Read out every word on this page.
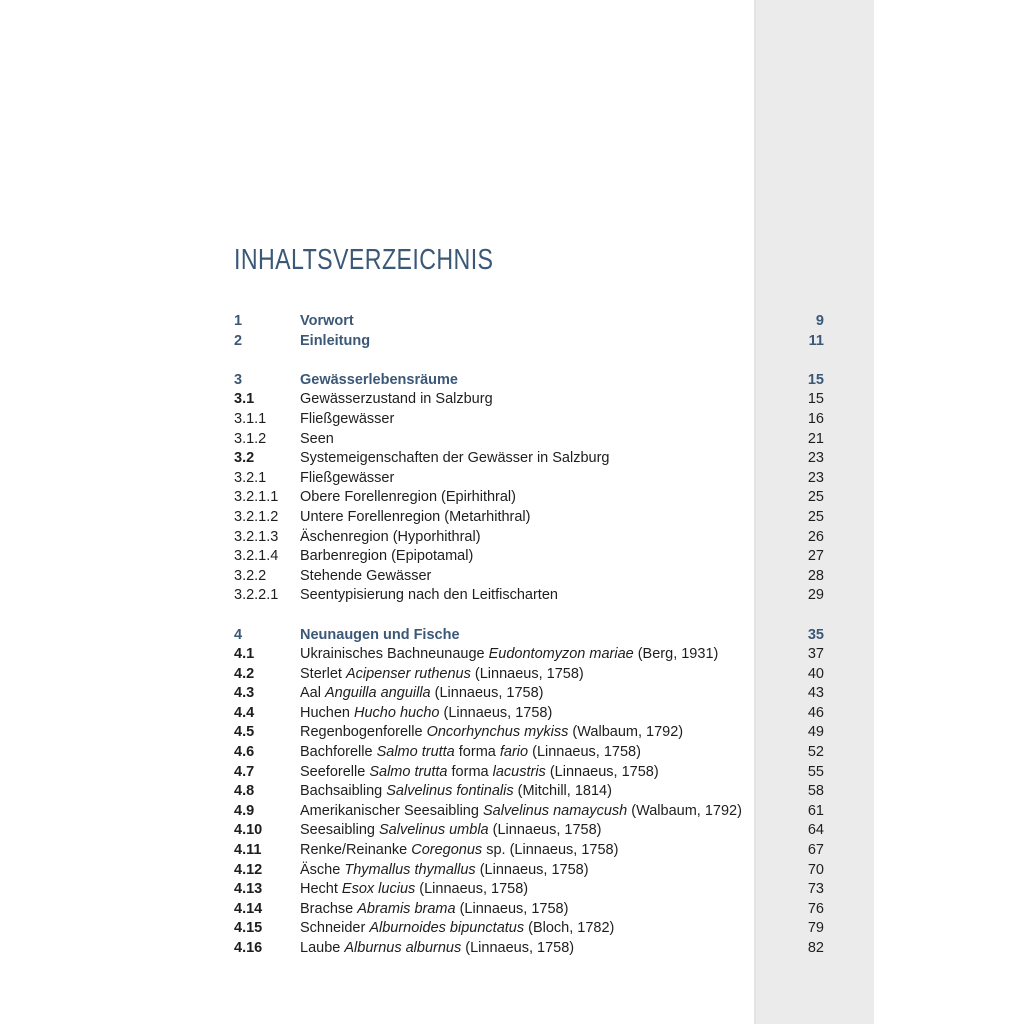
INHALTSVERZEICHNIS
1	Vorwort	9
2	Einleitung	11
3	Gewässerlebensräume	15
3.1	Gewässerzustand in Salzburg	15
3.1.1	Fließgewässer	16
3.1.2	Seen	21
3.2	Systemeigenschaften der Gewässer in Salzburg	23
3.2.1	Fließgewässer	23
3.2.1.1	Obere Forellenregion (Epirhithral)	25
3.2.1.2	Untere Forellenregion (Metarhithral)	25
3.2.1.3	Äschenregion (Hyporhithral)	26
3.2.1.4	Barbenregion (Epipotamal)	27
3.2.2	Stehende Gewässer	28
3.2.2.1	Seentypisierung nach den Leitfischarten	29
4	Neunaugen und Fische	35
4.1	Ukrainisches Bachneunauge Eudontomyzon mariae (Berg, 1931)	37
4.2	Sterlet Acipenser ruthenus (Linnaeus, 1758)	40
4.3	Aal Anguilla anguilla (Linnaeus, 1758)	43
4.4	Huchen Hucho hucho (Linnaeus, 1758)	46
4.5	Regenbogenforelle Oncorhynchus mykiss (Walbaum, 1792)	49
4.6	Bachforelle Salmo trutta forma fario (Linnaeus, 1758)	52
4.7	Seeforelle Salmo trutta forma lacustris (Linnaeus, 1758)	55
4.8	Bachsaibling Salvelinus fontinalis (Mitchill, 1814)	58
4.9	Amerikanischer Seesaibling Salvelinus namaycush (Walbaum, 1792)	61
4.10	Seesaibling Salvelinus umbla (Linnaeus, 1758)	64
4.11	Renke/Reinanke Coregonus sp. (Linnaeus, 1758)	67
4.12	Äsche Thymallus thymallus (Linnaeus, 1758)	70
4.13	Hecht Esox lucius (Linnaeus, 1758)	73
4.14	Brachse Abramis brama (Linnaeus, 1758)	76
4.15	Schneider Alburnoides bipunctatus (Bloch, 1782)	79
4.16	Laube Alburnus alburnus (Linnaeus, 1758)	82
